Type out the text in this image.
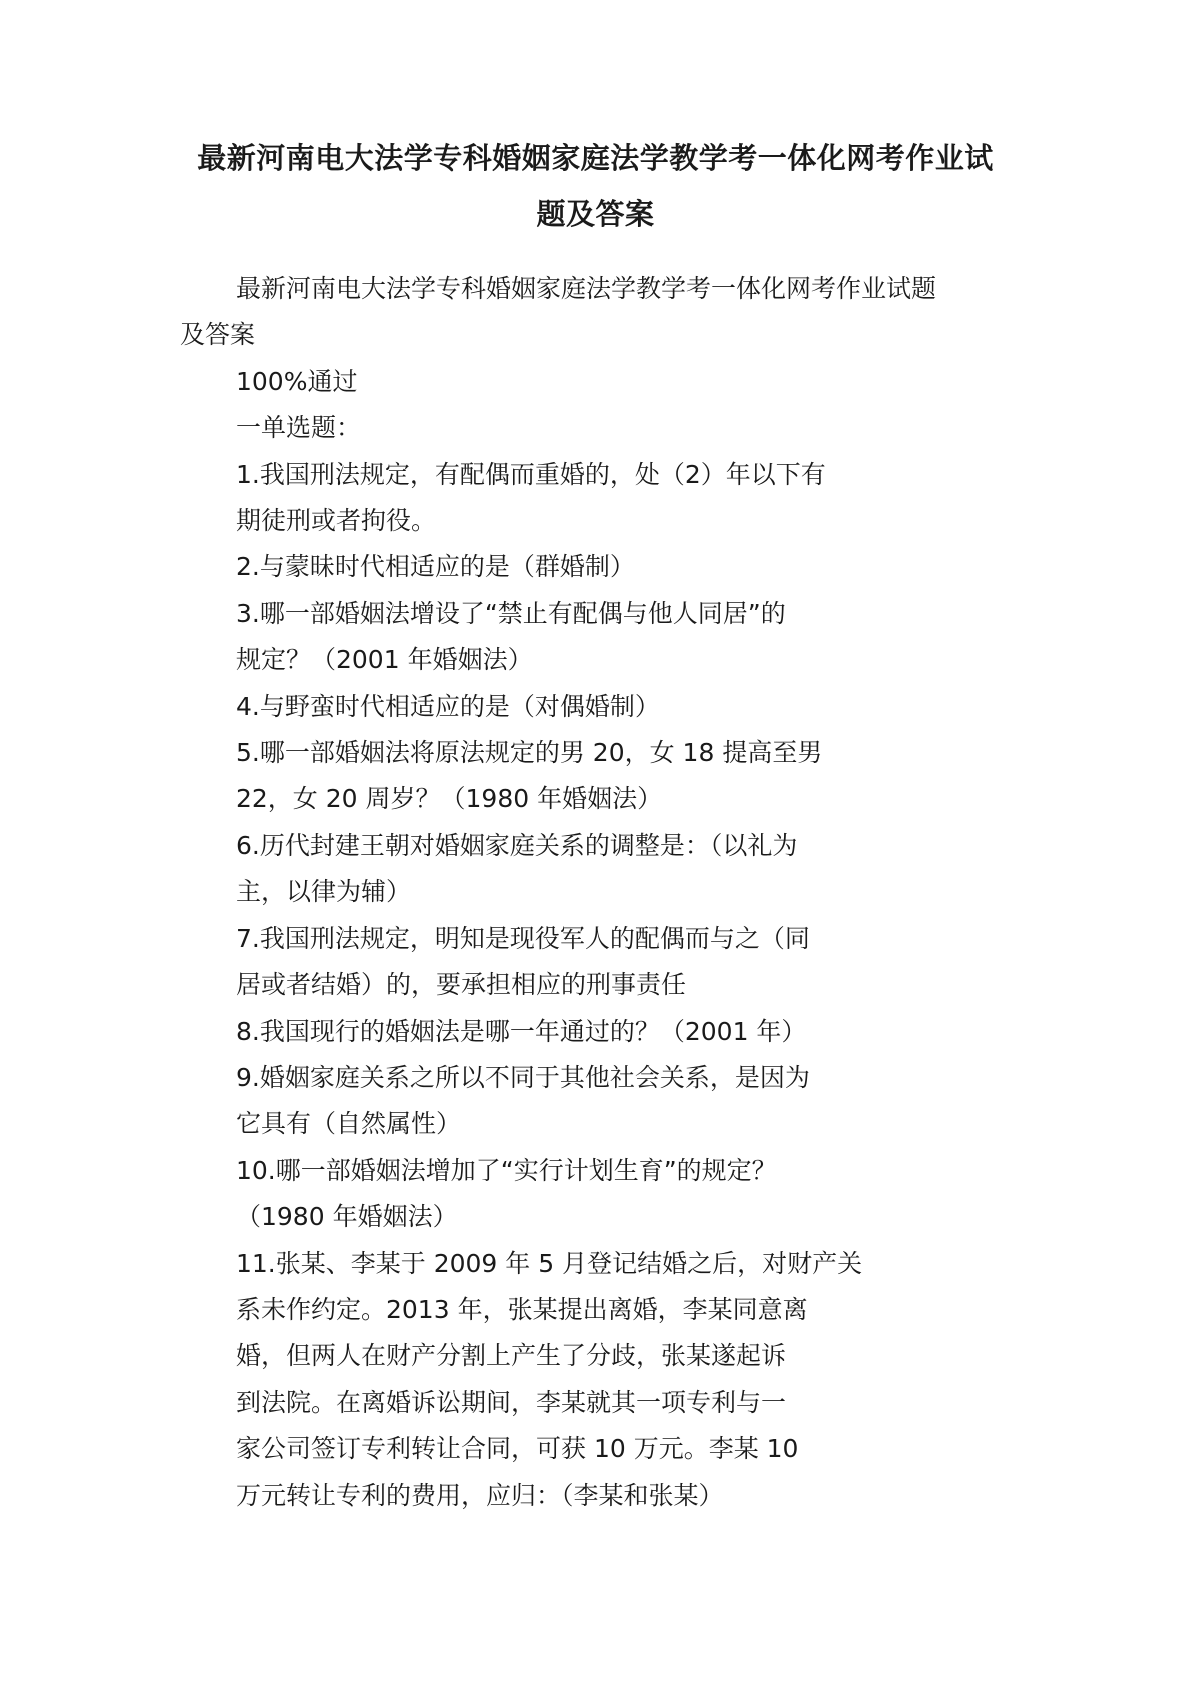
最新河南电大法学专科婚姻家庭法学教学考一体化网考作业试
题及答案
最新河南电大法学专科婚姻家庭法学教学考一体化网考作业试题
及答案
100%通过
一单选题：
1.我国刑法规定，有配偶而重婚的，处（2）年以下有
期徒刑或者拘役。
2.与蒙昧时代相适应的是（群婚制）
3.哪一部婚姻法增设了“禁止有配偶与他人同居”的
规定？（2001 年婚姻法）
4.与野蛮时代相适应的是（对偶婚制）
5.哪一部婚姻法将原法规定的男 20，女 18 提高至男
22，女 20 周岁？（1980 年婚姻法）
6.历代封建王朝对婚姻家庭关系的调整是：（以礼为
主，以律为辅）
7.我国刑法规定，明知是现役军人的配偶而与之（同
居或者结婚）的，要承担相应的刑事责任
8.我国现行的婚姻法是哪一年通过的？（2001 年）
9.婚姻家庭关系之所以不同于其他社会关系，是因为
它具有（自然属性）
10.哪一部婚姻法增加了“实行计划生育”的规定？
（1980 年婚姻法）
11.张某、李某于 2009 年 5 月登记结婚之后，对财产关
系未作约定。2013 年，张某提出离婚，李某同意离
婚，但两人在财产分割上产生了分歧，张某遂起诉
到法院。在离婚诉讼期间，李某就其一项专利与一
家公司签订专利转让合同，可获 10 万元。李某 10
万元转让专利的费用，应归：（李某和张某）
